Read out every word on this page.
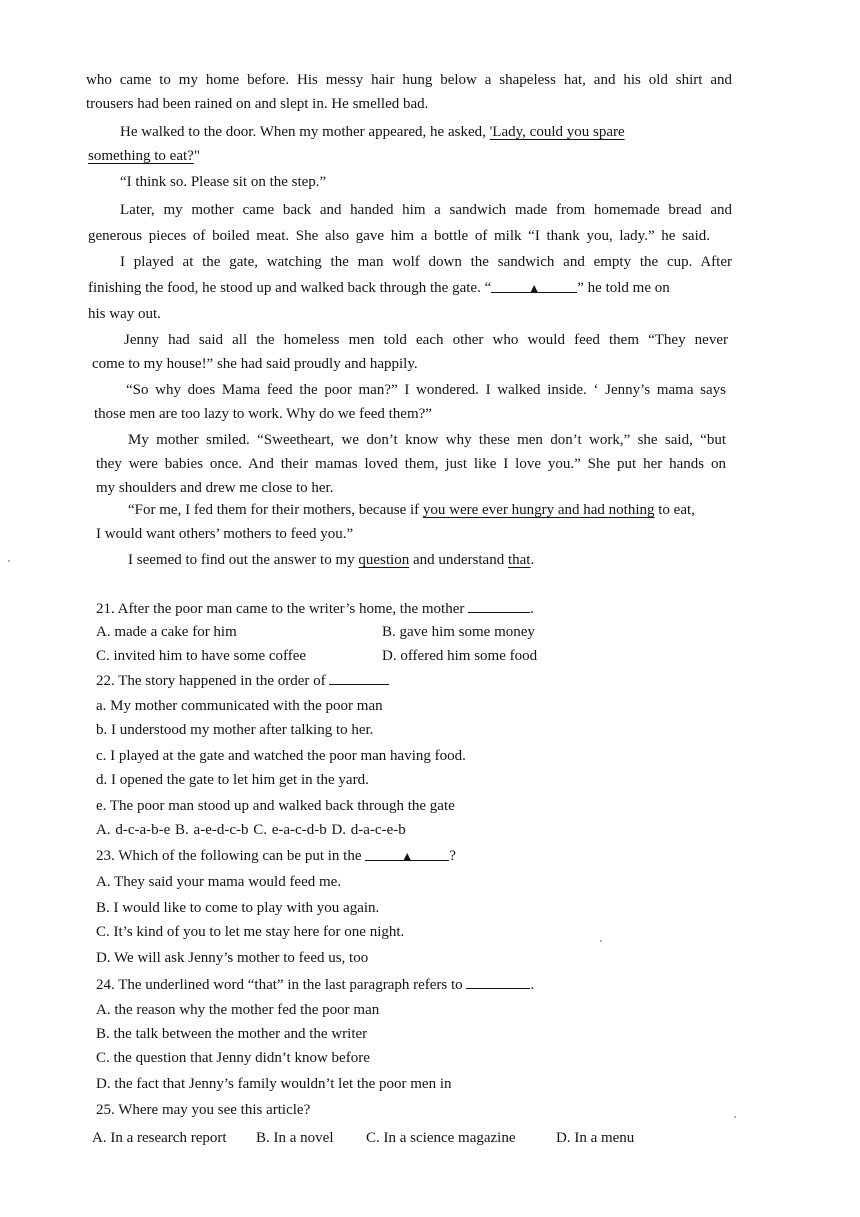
who came to my home before. His messy hair hung below a shapeless hat, and his old shirt and
trousers had been rained on and slept in. He smelled bad.
He walked to the door. When my mother appeared, he asked, 'Lady, could you spare
something to eat?"
“I think so. Please sit on the step.”
Later, my mother came back and handed him a sandwich made from homemade bread and
generous pieces of boiled meat. She also gave him a bottle of milk “I thank you, lady.” he said.
I played at the gate, watching the man wolf down the sandwich and empty the cup. After
finishing the food, he stood up and walked back through the gate. “	▲ ” he told me on
his way out.
Jenny had said all the homeless men told each other who would feed them “They never
come to my house!” she had said proudly and happily.
“So why does Mama feed the poor man?” I wondered. I walked inside. ‘ Jenny’s mama says
those men are too lazy to work. Why do we feed them?”
My mother smiled. “Sweetheart, we don’t know why these men don’t work,” she said, “but
they were babies once. And their mamas loved them, just like I love you.” She put her hands on
my shoulders and drew me close to her.
“For me, I fed them for their mothers, because if you were ever hungry and had nothing to eat,
I would want others’ mothers to feed you.”
I seemed to find out the answer to my question and understand that.
21. After the poor man came to the writer’s home, the mother	.
A. made a cake for him	B. gave him some money
C. invited him to have some coffee	D. offered him some food
22. The story happened in the order of
a. My mother communicated with the poor man
b. I understood my mother after talking to her.
c. I played at the gate and watched the poor man having food.
d. I opened the gate to let him get in the yard.
e. The poor man stood up and walked back through the gate
A. d-c-a-b-e B. a-e-d-c-b C. e-a-c-d-b D. d-a-c-e-b
23. Which of the following can be put in the	▲ ?
A. They said your mama would feed me.
B. I would like to come to play with you again.
C. It’s kind of you to let me stay here for one night.
D. We will ask Jenny’s mother to feed us, too
24. The underlined word “that” in the last paragraph refers to	.
A. the reason why the mother fed the poor man
B. the talk between the mother and the writer
C. the question that Jenny didn’t know before
D. the fact that Jenny’s family wouldn’t let the poor men in
25. Where may you see this article?
A. In a research report B. In a novel C. In a science magazine	D. In a menu
